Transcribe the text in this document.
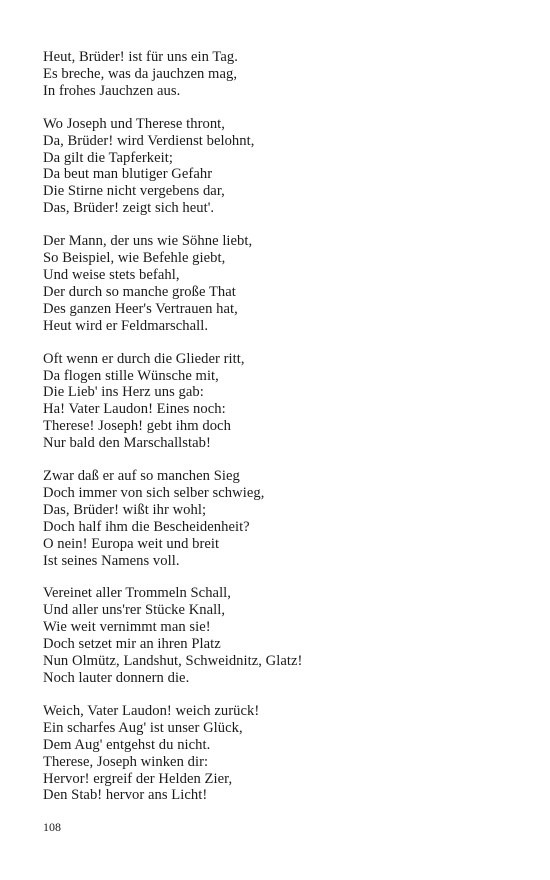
Heut, Brüder! ist für uns ein Tag.
Es breche, was da jauchzen mag,
In frohes Jauchzen aus.
Wo Joseph und Therese thront,
Da, Brüder! wird Verdienst belohnt,
Da gilt die Tapferkeit;
Da beut man blutiger Gefahr
Die Stirne nicht vergebens dar,
Das, Brüder! zeigt sich heut'.
Der Mann, der uns wie Söhne liebt,
So Beispiel, wie Befehle giebt,
Und weise stets befahl,
Der durch so manche große That
Des ganzen Heer's Vertrauen hat,
Heut wird er Feldmarschall.
Oft wenn er durch die Glieder ritt,
Da flogen stille Wünsche mit,
Die Lieb' ins Herz uns gab:
Ha! Vater Laudon! Eines noch:
Therese! Joseph! gebt ihm doch
Nur bald den Marschallstab!
Zwar daß er auf so manchen Sieg
Doch immer von sich selber schwieg,
Das, Brüder! wißt ihr wohl;
Doch half ihm die Bescheidenheit?
O nein! Europa weit und breit
Ist seines Namens voll.
Vereinet aller Trommeln Schall,
Und aller uns'rer Stücke Knall,
Wie weit vernimmt man sie!
Doch setzet mir an ihren Platz
Nun Olmütz, Landshut, Schweidnitz, Glatz!
Noch lauter donnern die.
Weich, Vater Laudon! weich zurück!
Ein scharfes Aug' ist unser Glück,
Dem Aug' entgehst du nicht.
Therese, Joseph winken dir:
Hervor! ergreif der Helden Zier,
Den Stab! hervor ans Licht!
108
